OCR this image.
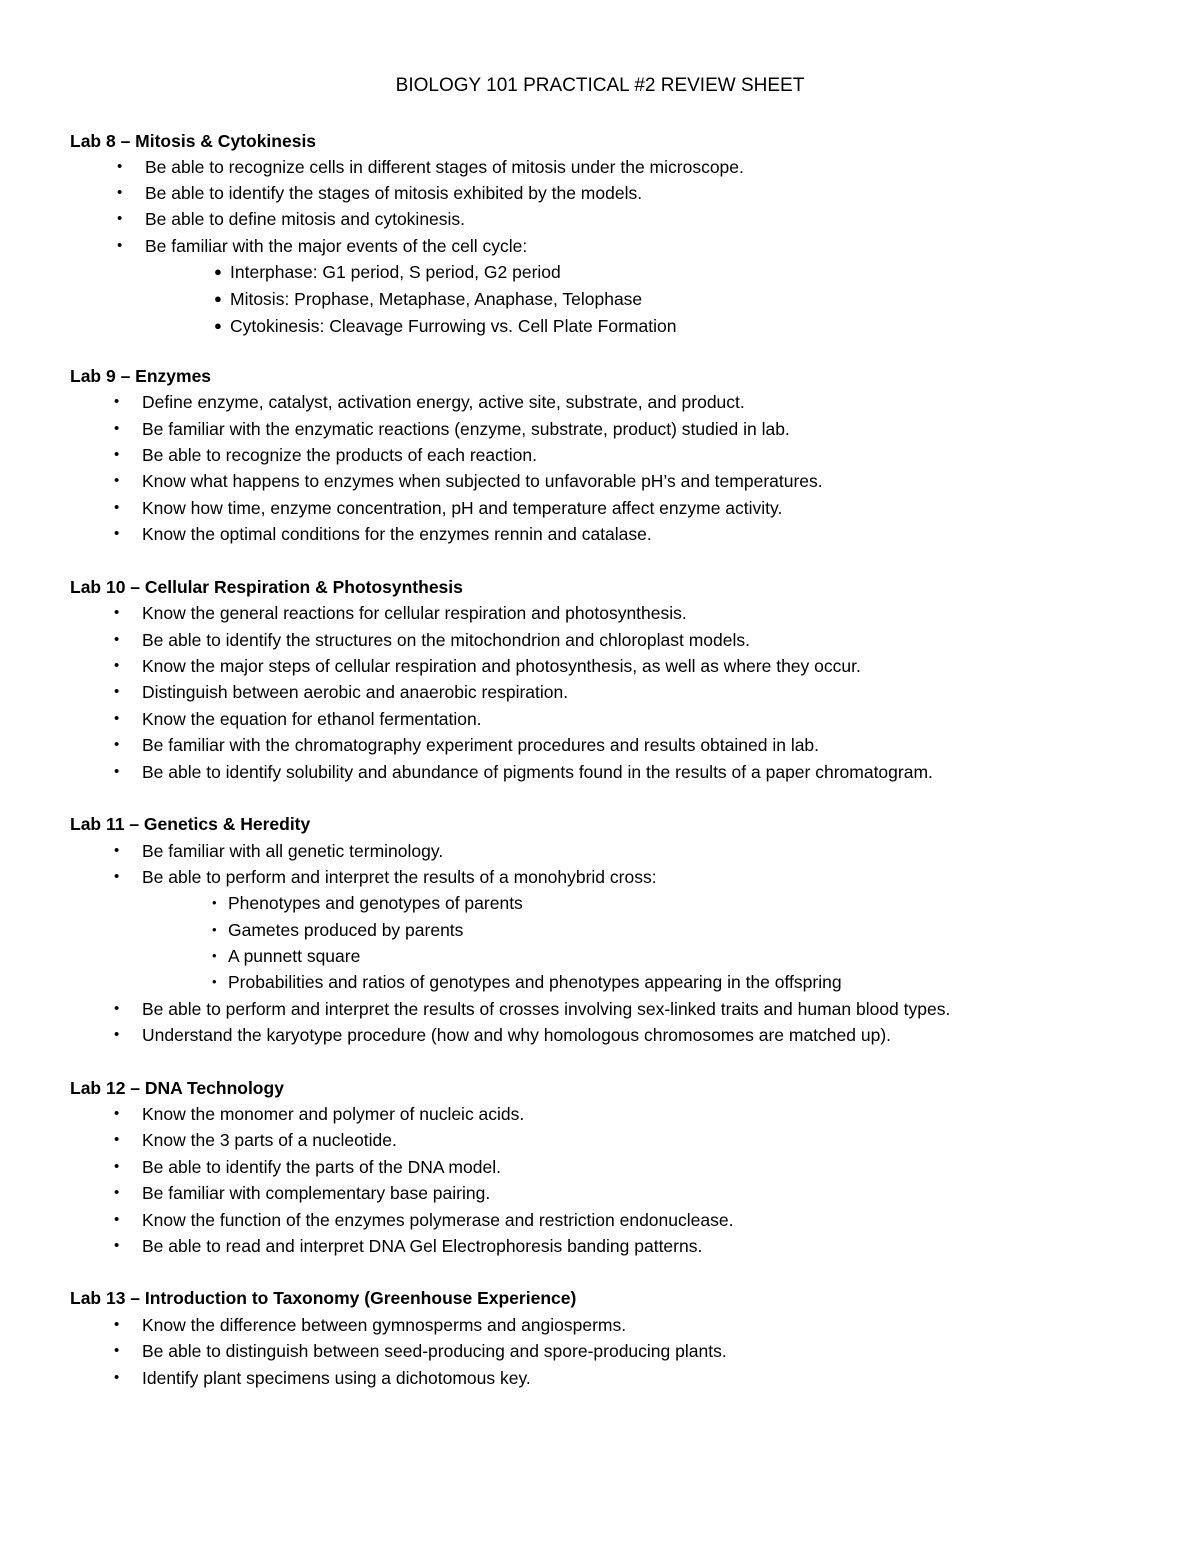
BIOLOGY 101 PRACTICAL #2 REVIEW SHEET
Lab 8 – Mitosis & Cytokinesis
• Be able to recognize cells in different stages of mitosis under the microscope.
• Be able to identify the stages of mitosis exhibited by the models.
• Be able to define mitosis and cytokinesis.
• Be familiar with the major events of the cell cycle:
● Interphase: G1 period, S period, G2 period
● Mitosis: Prophase, Metaphase, Anaphase, Telophase
● Cytokinesis: Cleavage Furrowing vs. Cell Plate Formation
Lab 9 – Enzymes
• Define enzyme, catalyst, activation energy, active site, substrate, and product.
• Be familiar with the enzymatic reactions (enzyme, substrate, product) studied in lab.
• Be able to recognize the products of each reaction.
• Know what happens to enzymes when subjected to unfavorable pH’s and temperatures.
• Know how time, enzyme concentration, pH and temperature affect enzyme activity.
• Know the optimal conditions for the enzymes rennin and catalase.
Lab 10 – Cellular Respiration & Photosynthesis
• Know the general reactions for cellular respiration and photosynthesis.
• Be able to identify the structures on the mitochondrion and chloroplast models.
• Know the major steps of cellular respiration and photosynthesis, as well as where they occur.
• Distinguish between aerobic and anaerobic respiration.
• Know the equation for ethanol fermentation.
• Be familiar with the chromatography experiment procedures and results obtained in lab.
• Be able to identify solubility and abundance of pigments found in the results of a paper chromatogram.
Lab 11 – Genetics & Heredity
• Be familiar with all genetic terminology.
• Be able to perform and interpret the results of a monohybrid cross:
• Phenotypes and genotypes of parents
• Gametes produced by parents
• A punnett square
• Probabilities and ratios of genotypes and phenotypes appearing in the offspring
• Be able to perform and interpret the results of crosses involving sex-linked traits and human blood types.
• Understand the karyotype procedure (how and why homologous chromosomes are matched up).
Lab 12 – DNA Technology
• Know the monomer and polymer of nucleic acids.
• Know the 3 parts of a nucleotide.
• Be able to identify the parts of the DNA model.
• Be familiar with complementary base pairing.
• Know the function of the enzymes polymerase and restriction endonuclease.
• Be able to read and interpret DNA Gel Electrophoresis banding patterns.
Lab 13 – Introduction to Taxonomy (Greenhouse Experience)
• Know the difference between gymnosperms and angiosperms.
• Be able to distinguish between seed-producing and spore-producing plants.
• Identify plant specimens using a dichotomous key.
